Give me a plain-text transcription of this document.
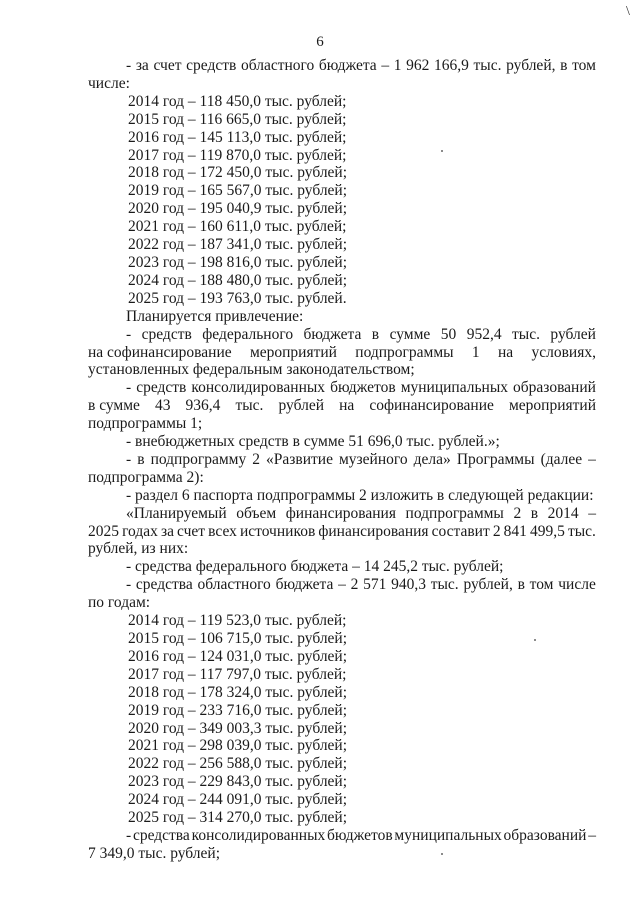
6
\
- за счет средств областного бюджета – 1 962 166,9 тыс. рублей, в том
числе:
2014 год – 118 450,0 тыс. рублей;
2015 год – 116 665,0 тыс. рублей;
2016 год – 145 113,0 тыс. рублей;
2017 год – 119 870,0 тыс. рублей;
2018 год – 172 450,0 тыс. рублей;
2019 год – 165 567,0 тыс. рублей;
2020 год – 195 040,9 тыс. рублей;
2021 год – 160 611,0 тыс. рублей;
2022 год – 187 341,0 тыс. рублей;
2023 год – 198 816,0 тыс. рублей;
2024 год – 188 480,0 тыс. рублей;
2025 год – 193 763,0 тыс. рублей.
Планируется привлечение:
- средств федерального бюджета в сумме 50 952,4 тыс. рублей
на софинансирование мероприятий подпрограммы 1 на условиях,
установленных федеральным законодательством;
- средств консолидированных бюджетов муниципальных образований
в сумме 43 936,4 тыс. рублей на софинансирование мероприятий
подпрограммы 1;
- внебюджетных средств в сумме 51 696,0 тыс. рублей.»;
- в подпрограмму 2 «Развитие музейного дела» Программы (далее –
подпрограмма 2):
- раздел 6 паспорта подпрограммы 2 изложить в следующей редакции:
«Планируемый объем финансирования подпрограммы 2 в 2014 –
2025 годах за счет всех источников финансирования составит 2 841 499,5 тыс.
рублей, из них:
- средства федерального бюджета – 14 245,2 тыс. рублей;
- средства областного бюджета – 2 571 940,3 тыс. рублей, в том числе
по годам:
2014 год – 119 523,0 тыс. рублей;
2015 год – 106 715,0 тыс. рублей;
2016 год – 124 031,0 тыс. рублей;
2017 год – 117 797,0 тыс. рублей;
2018 год – 178 324,0 тыс. рублей;
2019 год – 233 716,0 тыс. рублей;
2020 год – 349 003,3 тыс. рублей;
2021 год – 298 039,0 тыс. рублей;
2022 год – 256 588,0 тыс. рублей;
2023 год – 229 843,0 тыс. рублей;
2024 год – 244 091,0 тыс. рублей;
2025 год – 314 270,0 тыс. рублей;
- средства консолидированных бюджетов муниципальных образований –
7 349,0 тыс. рублей;
